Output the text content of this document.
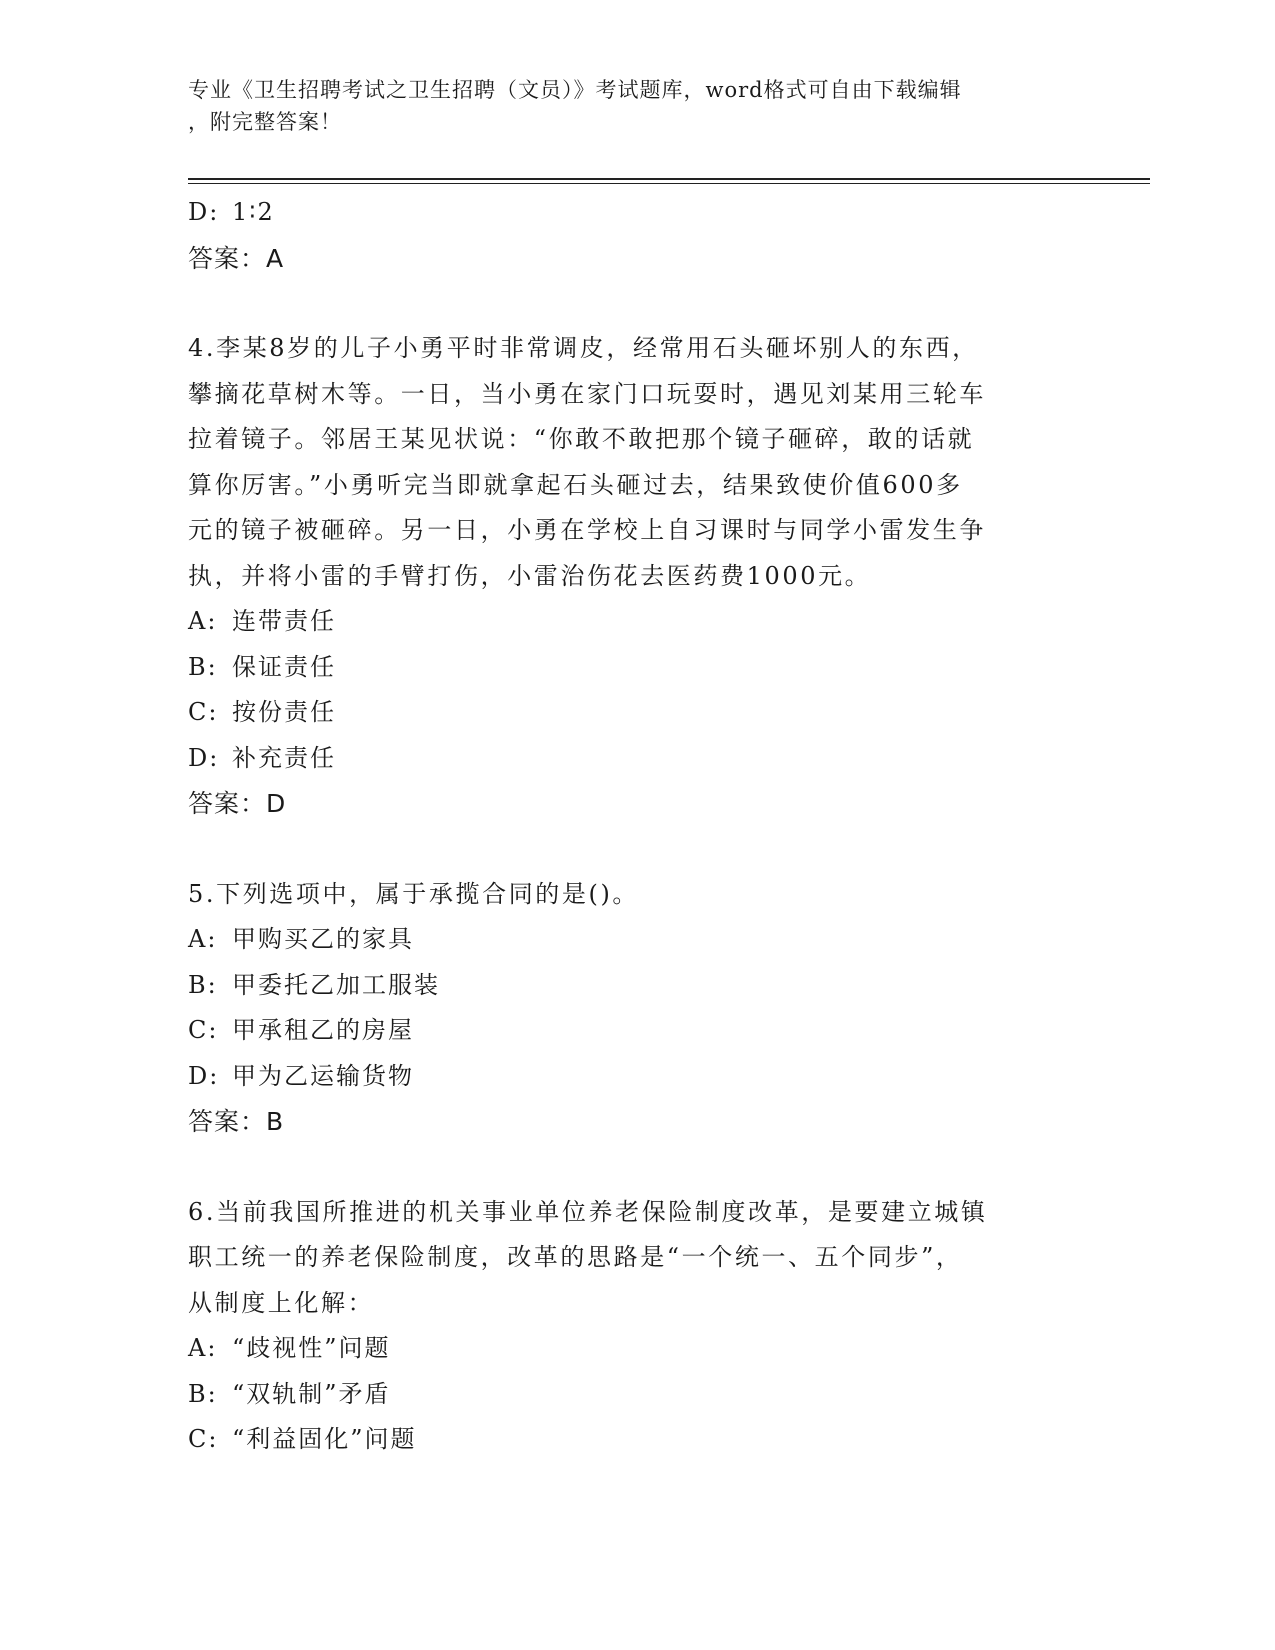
专业《卫生招聘考试之卫生招聘（文员）》考试题库，word格式可自由下载编辑
，附完整答案！
D: 1∶2
答案：A
4.李某8岁的儿子小勇平时非常调皮，经常用石头砸坏别人的东西，
攀摘花草树木等。一日，当小勇在家门口玩耍时，遇见刘某用三轮车
拉着镜子。邻居王某见状说：“你敢不敢把那个镜子砸碎，敢的话就
算你厉害。”小勇听完当即就拿起石头砸过去，结果致使价值600多
元的镜子被砸碎。另一日，小勇在学校上自习课时与同学小雷发生争
执，并将小雷的手臂打伤，小雷治伤花去医药费1000元。
A: 连带责任
B: 保证责任
C: 按份责任
D: 补充责任
答案：D
5.下列选项中，属于承揽合同的是()。
A: 甲购买乙的家具
B: 甲委托乙加工服装
C: 甲承租乙的房屋
D: 甲为乙运输货物
答案：B
6.当前我国所推进的机关事业单位养老保险制度改革，是要建立城镇
职工统一的养老保险制度，改革的思路是“一个统一、五个同步”，
从制度上化解：
A: “歧视性”问题
B: “双轨制”矛盾
C: “利益固化”问题
